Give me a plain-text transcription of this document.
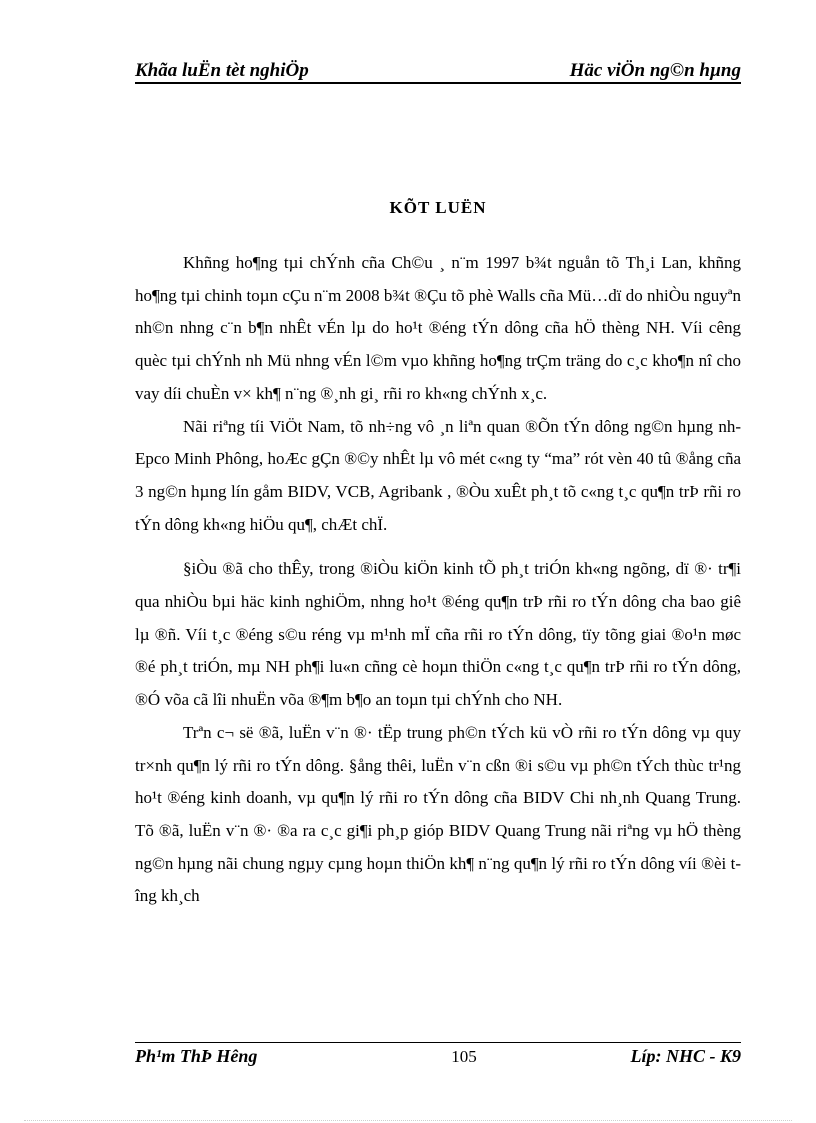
Khãa luËn tèt nghiÖp	Häc viÖn ng©n hµng
KÕT LUËN

Khñng ho¶ng tµi chÝnh cña Ch©u ¸ n¨m 1997 b¾t nguån tõ Th¸i Lan, khñng ho¶ng tµi chinh toµn cÇu n¨m 2008 b¾t ®Çu tõ phè Walls cña Mü…dï do nhiÒu nguyªn nh©n nhng c¨n b¶n nhÊt vÉn lµ do ho¹t ®éng tÝn dông cña hÖ thèng NH. Víi cêng quèc tµi chÝnh nh Mü nhng vÉn l©m vµo khñng ho¶ng trÇm träng do c¸c kho¶n nî cho vay díi chuÈn v× kh¶ n¨ng ®¸nh gi¸ rñi ro kh«ng chÝnh x¸c.

Nãi riªng tíi ViÖt Nam, tõ nh÷ng vô ¸n liªn quan ®Õn tÝn dông ng©n hµng nh Epco Minh Phông, hoÆc gÇn ®©y nhÊt lµ vô mét c«ng ty “ma” rót vèn 40 tû ®ång cña 3 ng©n hµng lín gåm BIDV, VCB, Agribank , ®Òu xuÊt ph¸t tõ c«ng t¸c qu¶n trÞ rñi ro tÝn dông kh«ng hiÖu qu¶, chÆt chÏ.

§iÒu ®ã cho thÊy, trong ®iÒu kiÖn kinh tÕ ph¸t triÓn kh«ng ngõng, dï ®· tr¶i qua nhiÒu bµi häc kinh nghiÖm, nhng ho¹t ®éng qu¶n trÞ rñi ro tÝn dông cha bao giê lµ ®ñ. Víi t¸c ®éng s©u réng vµ m¹nh mÏ cña rñi ro tÝn dông, tïy tõng giai ®o¹n møc ®é ph¸t triÓn, mµ NH ph¶i lu«n cñng cè hoµn thiÖn c«ng t¸c qu¶n trÞ rñi ro tÝn dông, ®Ó võa cã lîi nhuËn võa ®¶m b¶o an toµn tµi chÝnh cho NH.

Trªn c¬ së ®ã, luËn v¨n ®· tËp trung ph©n tÝch kü vÒ rñi ro tÝn dông vµ quy tr×nh qu¶n lý rñi ro tÝn dông. §ång thêi, luËn v¨n cßn ®i s©u vµ ph©n tÝch thùc tr¹ng ho¹t ®éng kinh doanh, vµ qu¶n lý rñi ro tÝn dông cña BIDV Chi nh¸nh Quang Trung. Tõ ®ã, luËn v¨n ®· ®a ra c¸c gi¶i ph¸p gióp BIDV Quang Trung nãi riªng vµ hÖ thèng ng©n hµng nãi chung ngµy cµng hoµn thiÖn kh¶ n¨ng qu¶n lý rñi ro tÝn dông víi ®èi tîng kh¸ch

Ph¹m ThÞ Hêng	105	Líp: NHC - K9
